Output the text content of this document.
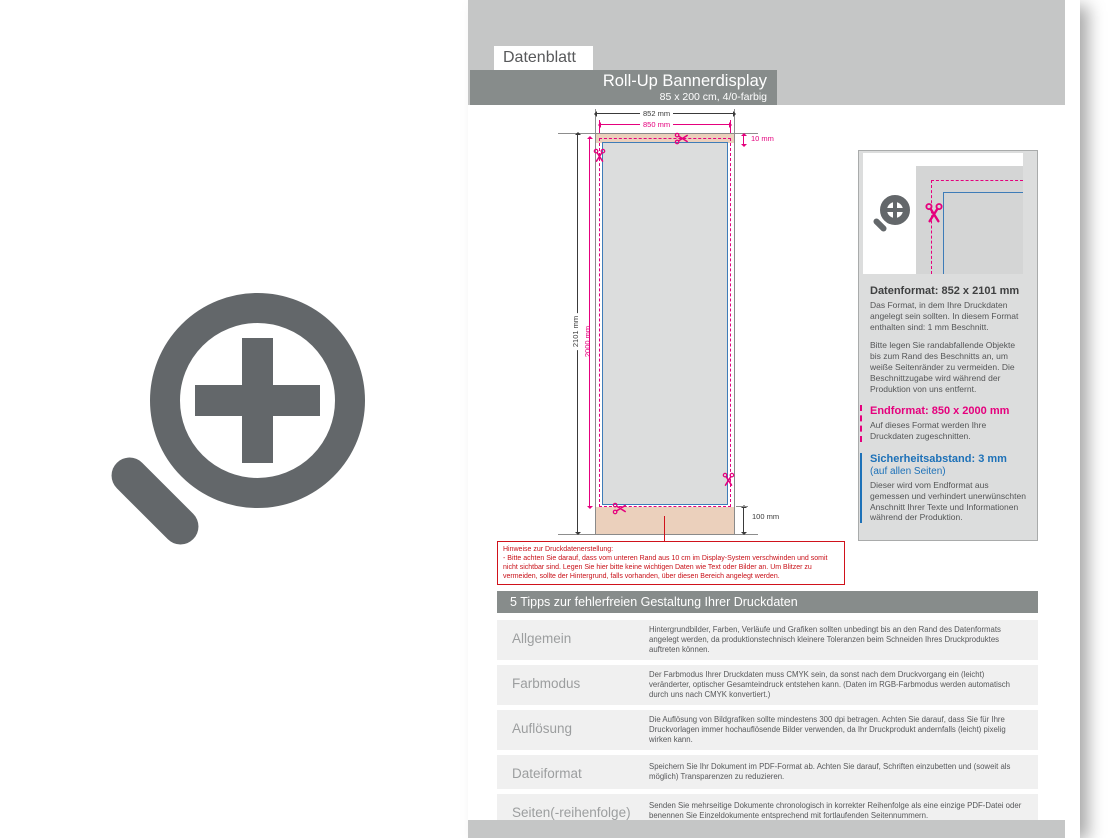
Datenblatt
Roll-Up Bannerdisplay
85 x 200 cm, 4/0-farbig
852 mm
850 mm
2101 mm 2000 mm
10 mm
100 mm
Hinweise zur Druckdatenerstellung:
- Bitte achten Sie darauf, dass vom unteren Rand aus 10 cm im Display-System verschwinden und somit nicht sichtbar sind. Legen Sie hier bitte keine wichtigen Daten wie Text oder Bilder an. Um Blitzer zu vermeiden, sollte der Hintergrund, falls vorhanden, über diesen Bereich angelegt werden.
Datenformat: 852 x 2101 mm

Das Format, in dem Ihre Druckdaten angelegt sein sollten. In diesem Format enthalten sind: 1 mm Beschnitt.

Bitte legen Sie randabfallende Objekte bis zum Rand des Beschnitts an, um weiße Seitenränder zu vermeiden. Die Beschnittzugabe wird während der Produktion von uns entfernt.

Endformat: 850 x 2000 mm

Auf dieses Format werden Ihre Druckdaten zugeschnitten.

Sicherheitsabstand: 3 mm
(auf allen Seiten)

Dieser wird vom Endformat aus gemessen und verhindert unerwünschten Anschnitt Ihrer Texte und Informationen während der Produktion.

5 Tipps zur fehlerfreien Gestaltung Ihrer Druckdaten
Allgemein
Hintergrundbilder, Farben, Verläufe und Grafiken sollten unbedingt bis an den Rand des Datenformats angelegt werden, da produktionstechnisch kleinere Toleranzen beim Schneiden Ihres Druckproduktes auftreten können.
Farbmodus
Der Farbmodus Ihrer Druckdaten muss CMYK sein, da sonst nach dem Druckvorgang ein (leicht) veränderter, optischer Gesamteindruck entstehen kann. (Daten im RGB-Farbmodus werden automatisch durch uns nach CMYK konvertiert.)
Auflösung
Die Auflösung von Bildgrafiken sollte mindestens 300 dpi betragen. Achten Sie darauf, dass Sie für Ihre Druckvorlagen immer hochauflösende Bilder verwenden, da Ihr Druckprodukt andernfalls (leicht) pixelig wirken kann.
Dateiformat	Speichern Sie Ihr Dokument im PDF-Format ab. Achten Sie darauf, Schriften einzubetten und (soweit als möglich) Transparenzen zu reduzieren.
Seiten(-reihenfolge)	Senden Sie mehrseitige Dokumente chronologisch in korrekter Reihenfolge als eine einzige PDF-Datei oder benennen Sie Einzeldokumente entsprechend mit fortlaufenden Seitennummern.
